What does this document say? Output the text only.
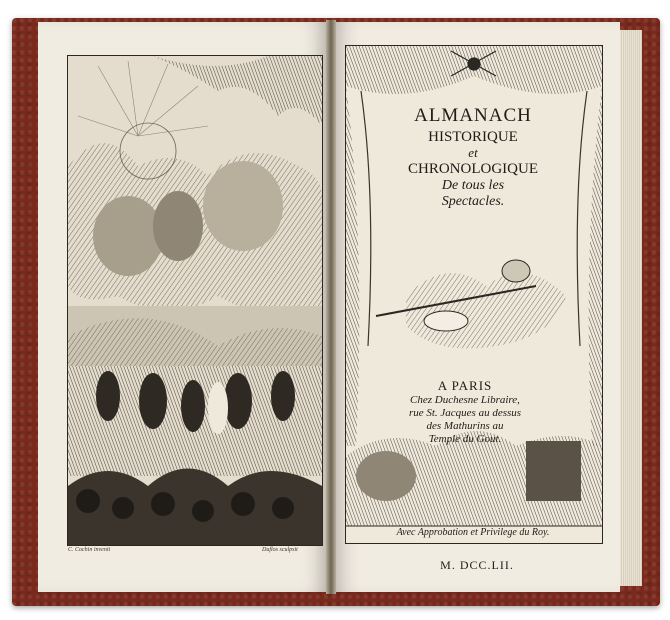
C. Cochin invenit	Duflos sculpsit
ALMANACH
HISTORIQUE
et
CHRONOLOGIQUE
De tous les
Spectacles.
A PARIS
Chez Duchesne Libraire,
rue St. Jacques au dessus
des Mathurins au
Temple du Gout.
Avec Approbation et Privilege du Roy.
M. DCC.LII.
